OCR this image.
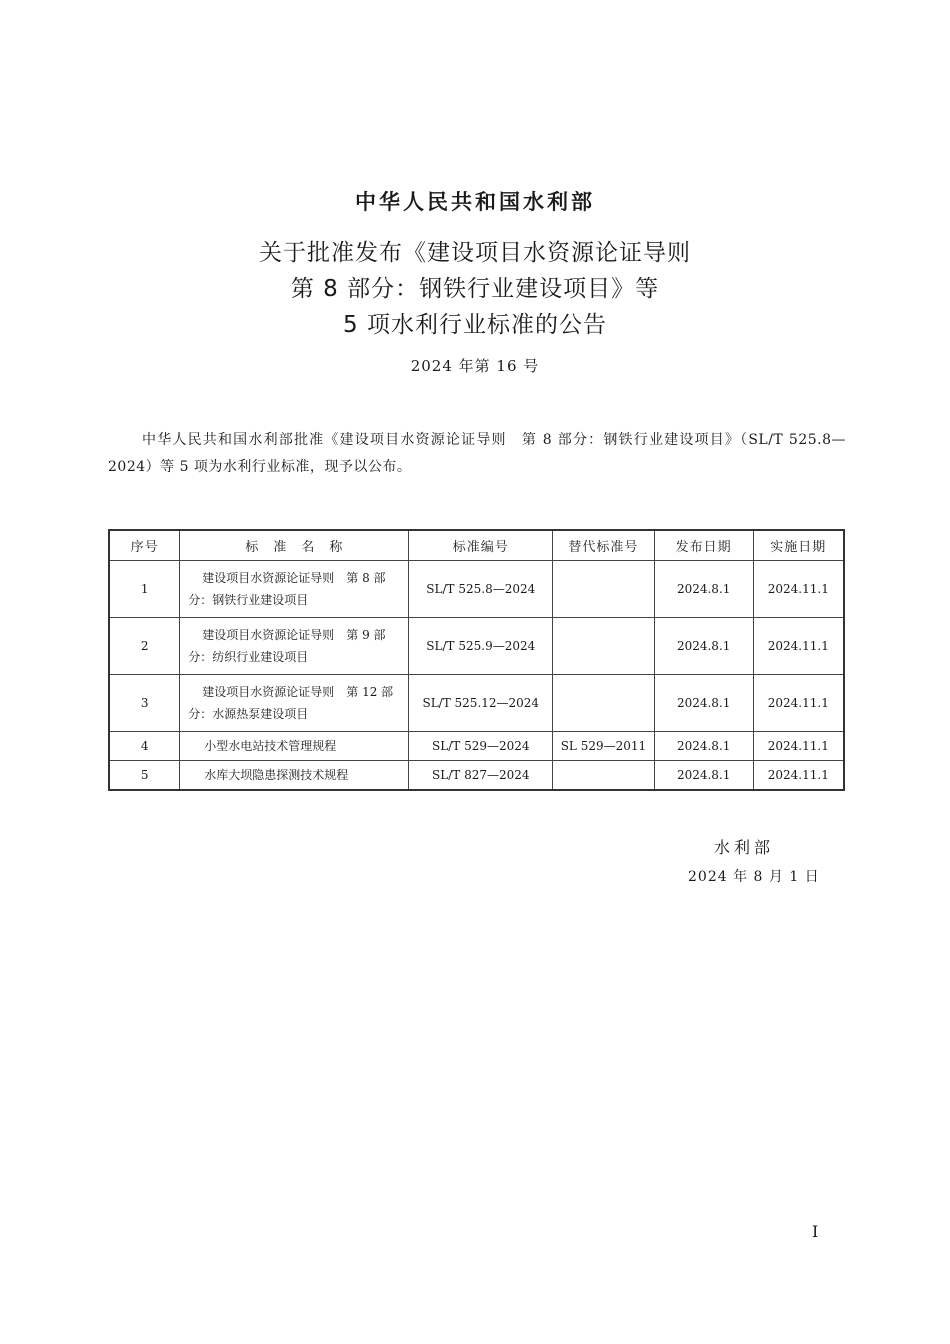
中华人民共和国水利部
关于批准发布《建设项目水资源论证导则
第 8 部分：钢铁行业建设项目》等
5 项水利行业标准的公告
2024 年第 16 号
中华人民共和国水利部批准《建设项目水资源论证导则　第 8 部分：钢铁行业建设项目》（SL/T 525.8—2024）等 5 项为水利行业标准，现予以公布。
序号	标　准　名　称	标准编号	替代标准号	发布日期	实施日期
1	建设项目水资源论证导则　第 8 部分：钢铁行业建设项目	SL/T 525.8—2024		2024.8.1	2024.11.1
2	建设项目水资源论证导则　第 9 部分：纺织行业建设项目	SL/T 525.9—2024		2024.8.1	2024.11.1
3	建设项目水资源论证导则　第 12 部分：水源热泵建设项目	SL/T 525.12—2024		2024.8.1	2024.11.1
4	小型水电站技术管理规程	SL/T 529—2024	SL 529—2011	2024.8.1	2024.11.1
5	水库大坝隐患探测技术规程	SL/T 827—2024		2024.8.1	2024.11.1
水利部
2024 年 8 月 1 日
I
